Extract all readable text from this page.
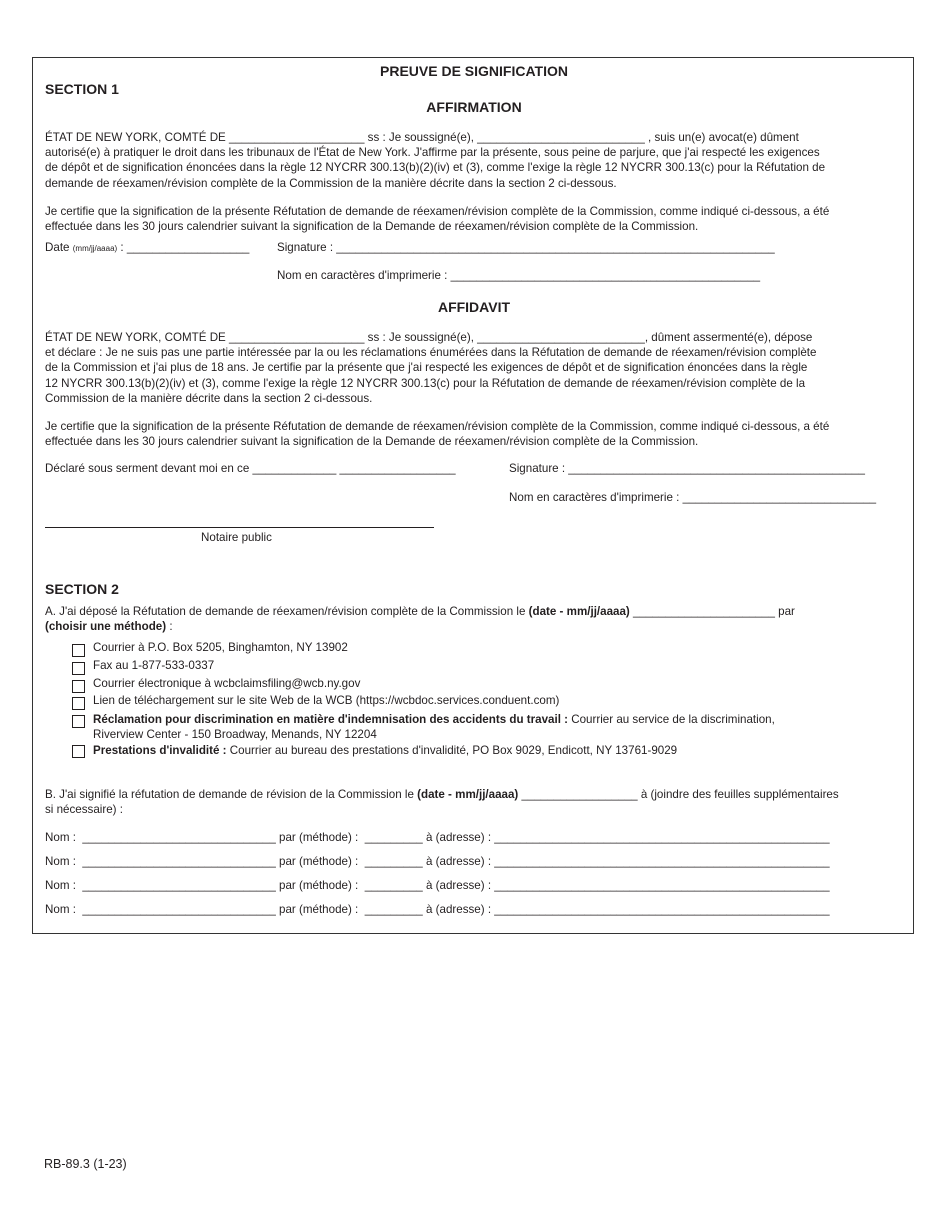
PREUVE DE SIGNIFICATION
SECTION 1
AFFIRMATION
ÉTAT DE NEW YORK, COMTÉ DE _____________________ ss : Je soussigné(e), __________________________ , suis un(e) avocat(e) dûment
autorisé(e) à pratiquer le droit dans les tribunaux de l'État de New York. J'affirme par la présente, sous peine de parjure, que j'ai respecté les exigences
de dépôt et de signification énoncées dans la règle 12 NYCRR 300.13(b)(2)(iv) et (3), comme l'exige la règle 12 NYCRR 300.13(c) pour la Réfutation de
demande de réexamen/révision complète de la Commission de la manière décrite dans la section 2 ci-dessous.
Je certifie que la signification de la présente Réfutation de demande de réexamen/révision complète de la Commission, comme indiqué ci-dessous, a été
effectuée dans les 30 jours calendrier suivant la signification de la Demande de réexamen/révision complète de la Commission.
Date (mm/jj/aaaa) : ___________________ Signature : ____________________________________________________________________
Nom en caractères d'imprimerie : ________________________________________________
AFFIDAVIT
ÉTAT DE NEW YORK, COMTÉ DE _____________________ ss : Je soussigné(e), __________________________, dûment assermenté(e), dépose
et déclare : Je ne suis pas une partie intéressée par la ou les réclamations énumérées dans la Réfutation de demande de réexamen/révision complète
de la Commission et j'ai plus de 18 ans. Je certifie par la présente que j'ai respecté les exigences de dépôt et de signification énoncées dans la règle
12 NYCRR 300.13(b)(2)(iv) et (3), comme l'exige la règle 12 NYCRR 300.13(c) pour la Réfutation de demande de réexamen/révision complète de la
Commission de la manière décrite dans la section 2 ci-dessous.
Je certifie que la signification de la présente Réfutation de demande de réexamen/révision complète de la Commission, comme indiqué ci-dessous, a été
effectuée dans les 30 jours calendrier suivant la signification de la Demande de réexamen/révision complète de la Commission.
Déclaré sous serment devant moi en ce _____________ __________________	Signature : ______________________________________________
Nom en caractères d'imprimerie : ______________________________
Notaire public
SECTION 2
A. J'ai déposé la Réfutation de demande de réexamen/révision complète de la Commission le (date - mm/jj/aaaa) ______________________ par
(choisir une méthode) :
Courrier à P.O. Box 5205, Binghamton, NY 13902
Fax au 1-877-533-0337
Courrier électronique à wcbclaimsfiling@wcb.ny.gov
Lien de téléchargement sur le site Web de la WCB (https://wcbdoc.services.conduent.com)
Réclamation pour discrimination en matière d'indemnisation des accidents du travail : Courrier au service de la discrimination,
Riverview Center - 150 Broadway, Menands, NY 12204
Prestations d'invalidité : Courrier au bureau des prestations d'invalidité, PO Box 9029, Endicott, NY 13761-9029
B. J'ai signifié la réfutation de demande de révision de la Commission le (date - mm/jj/aaaa) __________________ à (joindre des feuilles supplémentaires
si nécessaire) :
Nom :  ______________________________ par (méthode) :  _________ à (adresse) : ____________________________________________________
Nom :  ______________________________ par (méthode) :  _________ à (adresse) : ____________________________________________________
Nom :  ______________________________ par (méthode) :  _________ à (adresse) : ____________________________________________________
Nom :  ______________________________ par (méthode) :  _________ à (adresse) : ____________________________________________________
RB-89.3 (1-23)
